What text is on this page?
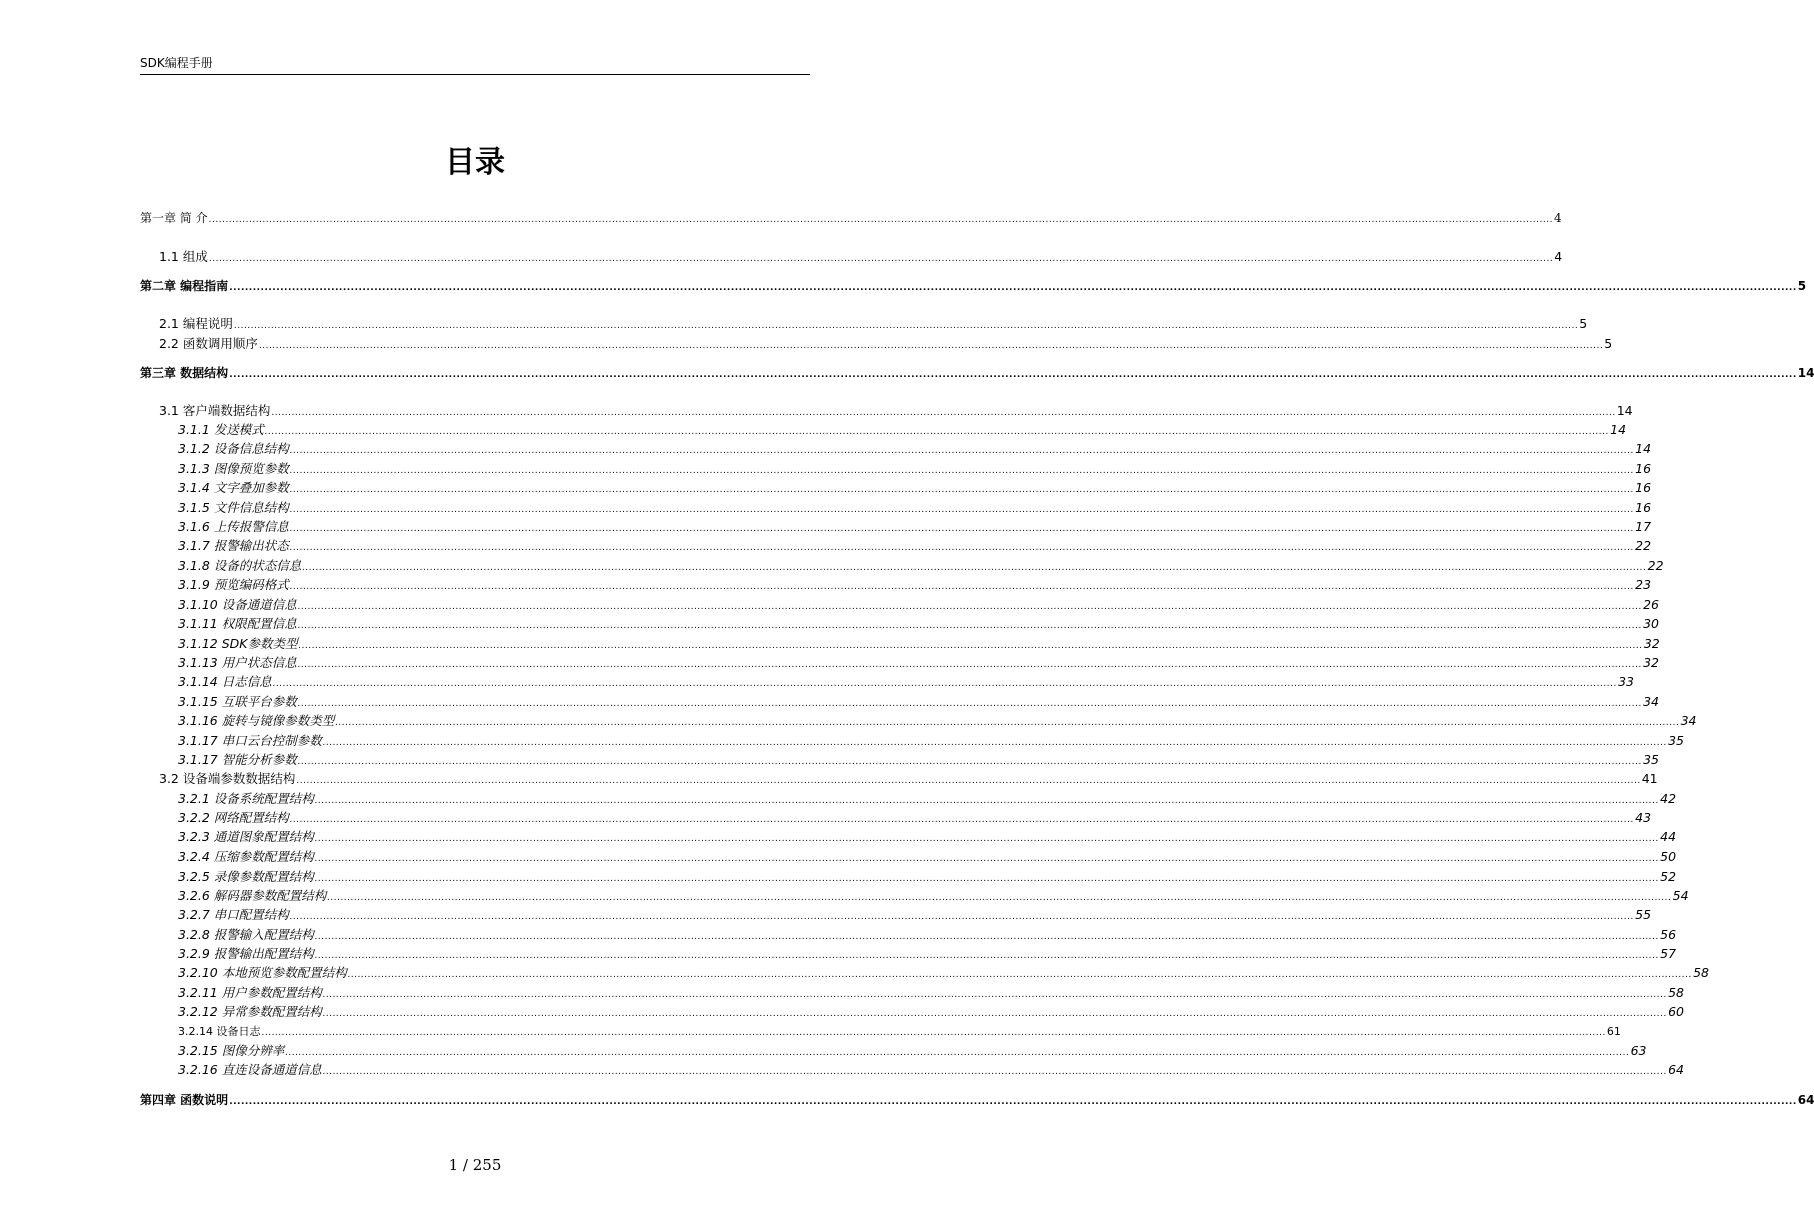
SDK编程手册
目录
第一章 简 介 ................................................................................................................................................................................................................................................................................................................................................................................................................ 4
1.1 组成 ................................................................................................................................................................................................................................................................................................................................................................................................................ 4
第二章 编程指南 ................................................................................................................................................................................................................................................................................................................................................................................................................ 5
2.1 编程说明 ................................................................................................................................................................................................................................................................................................................................................................................................................ 5
2.2 函数调用顺序 ................................................................................................................................................................................................................................................................................................................................................................................................................ 5
第三章 数据结构 ................................................................................................................................................................................................................................................................................................................................................................................................................ 14
3.1 客户端数据结构 ................................................................................................................................................................................................................................................................................................................................................................................................................ 14
3.1.1 发送模式 ................................................................................................................................................................................................................................................................................................................................................................................................................ 14
3.1.2 设备信息结构 ................................................................................................................................................................................................................................................................................................................................................................................................................ 14
3.1.3 图像预览参数 ................................................................................................................................................................................................................................................................................................................................................................................................................ 16
3.1.4 文字叠加参数 ................................................................................................................................................................................................................................................................................................................................................................................................................ 16
3.1.5 文件信息结构 ................................................................................................................................................................................................................................................................................................................................................................................................................ 16
3.1.6 上传报警信息 ................................................................................................................................................................................................................................................................................................................................................................................................................ 17
3.1.7 报警输出状态 ................................................................................................................................................................................................................................................................................................................................................................................................................ 22
3.1.8 设备的状态信息 ................................................................................................................................................................................................................................................................................................................................................................................................................ 22
3.1.9 预览编码格式 ................................................................................................................................................................................................................................................................................................................................................................................................................ 23
3.1.10 设备通道信息 ................................................................................................................................................................................................................................................................................................................................................................................................................ 26
3.1.11 权限配置信息 ................................................................................................................................................................................................................................................................................................................................................................................................................ 30
3.1.12 SDK参数类型 ................................................................................................................................................................................................................................................................................................................................................................................................................ 32
3.1.13 用户状态信息 ................................................................................................................................................................................................................................................................................................................................................................................................................ 32
3.1.14 日志信息 ................................................................................................................................................................................................................................................................................................................................................................................................................ 33
3.1.15 互联平台参数 ................................................................................................................................................................................................................................................................................................................................................................................................................ 34
3.1.16 旋转与镜像参数类型 ................................................................................................................................................................................................................................................................................................................................................................................................................ 34
3.1.17 串口云台控制参数 ................................................................................................................................................................................................................................................................................................................................................................................................................ 35
3.1.17 智能分析参数 ................................................................................................................................................................................................................................................................................................................................................................................................................ 35
3.2 设备端参数数据结构 ................................................................................................................................................................................................................................................................................................................................................................................................................ 41
3.2.1 设备系统配置结构 ................................................................................................................................................................................................................................................................................................................................................................................................................ 42
3.2.2 网络配置结构 ................................................................................................................................................................................................................................................................................................................................................................................................................ 43
3.2.3 通道图象配置结构 ................................................................................................................................................................................................................................................................................................................................................................................................................ 44
3.2.4 压缩参数配置结构 ................................................................................................................................................................................................................................................................................................................................................................................................................ 50
3.2.5 录像参数配置结构 ................................................................................................................................................................................................................................................................................................................................................................................................................ 52
3.2.6 解码器参数配置结构 ................................................................................................................................................................................................................................................................................................................................................................................................................ 54
3.2.7 串口配置结构 ................................................................................................................................................................................................................................................................................................................................................................................................................ 55
3.2.8 报警输入配置结构 ................................................................................................................................................................................................................................................................................................................................................................................................................ 56
3.2.9 报警输出配置结构 ................................................................................................................................................................................................................................................................................................................................................................................................................ 57
3.2.10 本地预览参数配置结构 ................................................................................................................................................................................................................................................................................................................................................................................................................ 58
3.2.11 用户参数配置结构 ................................................................................................................................................................................................................................................................................................................................................................................................................ 58
3.2.12 异常参数配置结构 ................................................................................................................................................................................................................................................................................................................................................................................................................ 60
3.2.14 设备日志 ................................................................................................................................................................................................................................................................................................................................................................................................................ 61
3.2.15 图像分辨率 ................................................................................................................................................................................................................................................................................................................................................................................................................ 63
3.2.16 直连设备通道信息 ................................................................................................................................................................................................................................................................................................................................................................................................................ 64
第四章 函数说明 ................................................................................................................................................................................................................................................................................................................................................................................................................ 64
1 / 255
